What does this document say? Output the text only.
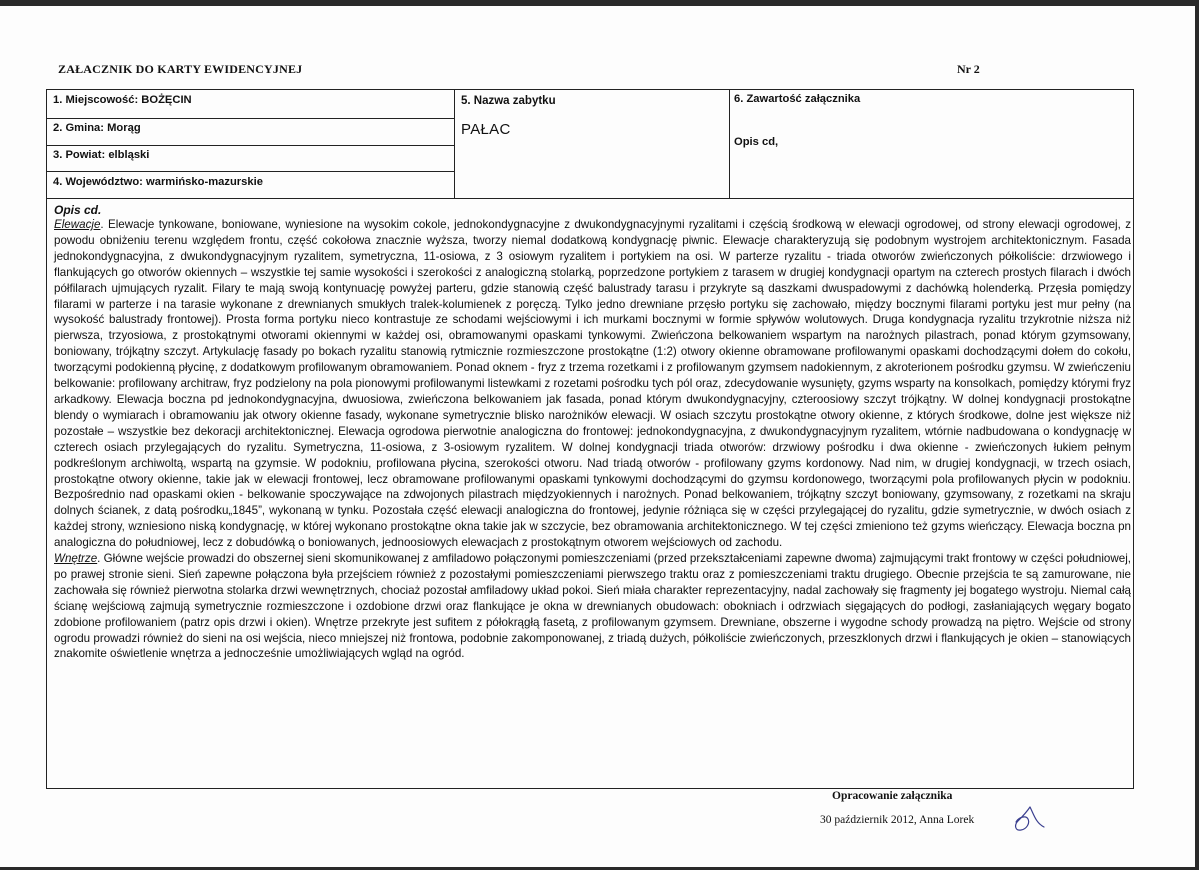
ZAŁACZNIK DO KARTY EWIDENCYJNEJ	Nr 2
1. Miejscowość: BOŻĘCIN
2. Gmina: Morąg
3. Powiat: elbląski
4. Województwo: warmińsko-mazurskie
5. Nazwa zabytku
PAŁAC
6. Zawartość załącznika
Opis cd,
Opis cd.

Elewacje. Elewacje tynkowane, boniowane, wyniesione na wysokim cokole, jednokondygnacyjne z dwukondygnacyjnymi ryzalitami i częścią środkową w elewacji ogrodowej, od strony elewacji ogrodowej, z powodu obniżeniu terenu względem frontu, część cokołowa znacznie wyższa, tworzy niemal dodatkową kondygnację piwnic. Elewacje charakteryzują się podobnym wystrojem architektonicznym. Fasada jednokondygnacyjna, z dwukondygnacyjnym ryzalitem, symetryczna, 11-osiowa, z 3 osiowym ryzalitem i portykiem na osi. W parterze ryzalitu - triada otworów zwieńczonych półkoliście: drzwiowego i flankujących go otworów okiennych – wszystkie tej samie wysokości i szerokości z analogiczną stolarką, poprzedzone portykiem z tarasem w drugiej kondygnacji opartym na czterech prostych filarach i dwóch półfilarach ujmujących ryzalit. Filary te mają swoją kontynuację powyżej parteru, gdzie stanowią część balustrady tarasu i przykryte są daszkami dwuspadowymi z dachówką holenderką. Przęsła pomiędzy filarami w parterze i na tarasie wykonane z drewnianych smukłych tralek-kolumienek z poręczą. Tylko jedno drewniane przęsło portyku się zachowało, między bocznymi filarami portyku jest mur pełny (na wysokość balustrady frontowej). Prosta forma portyku nieco kontrastuje ze schodami wejściowymi i ich murkami bocznymi w formie spływów wolutowych. Druga kondygnacja ryzalitu trzykrotnie niższa niż pierwsza, trzyosiowa, z prostokątnymi otworami okiennymi w każdej osi, obramowanymi opaskami tynkowymi. Zwieńczona belkowaniem wspartym na narożnych pilastrach, ponad którym gzymsowany, boniowany, trójkątny szczyt. Artykulację fasady po bokach ryzalitu stanowią rytmicznie rozmieszczone prostokątne (1:2) otwory okienne obramowane profilowanymi opaskami dochodzącymi dołem do cokołu, tworzącymi podokienną płycinę, z dodatkowym profilowanym obramowaniem. Ponad oknem - fryz z trzema rozetkami i z profilowanym gzymsem nadokiennym, z akroterionem pośrodku gzymsu. W zwieńczeniu belkowanie: profilowany architraw, fryz podzielony na pola pionowymi profilowanymi listewkami z rozetami pośrodku tych pól oraz, zdecydowanie wysunięty, gzyms wsparty na konsolkach, pomiędzy którymi fryz arkadkowy. Elewacja boczna pd jednokondygnacyjna, dwuosiowa, zwieńczona belkowaniem jak fasada, ponad którym dwukondygnacyjny, czteroosiowy szczyt trójkątny. W dolnej kondygnacji prostokątne blendy o wymiarach i obramowaniu jak otwory okienne fasady, wykonane symetrycznie blisko narożników elewacji. W osiach szczytu prostokątne otwory okienne, z których środkowe, dolne jest większe niż pozostałe – wszystkie bez dekoracji architektonicznej. Elewacja ogrodowa pierwotnie analogiczna do frontowej: jednokondygnacyjna, z dwukondygnacyjnym ryzalitem, wtórnie nadbudowana o kondygnację w czterech osiach przylegających do ryzalitu. Symetryczna, 11-osiowa, z 3-osiowym ryzalitem. W dolnej kondygnacji triada otworów: drzwiowy pośrodku i dwa okienne - zwieńczonych łukiem pełnym podkreślonym archiwoltą, wspartą na gzymsie. W podokniu, profilowana płycina, szerokości otworu. Nad triadą otworów - profilowany gzyms kordonowy. Nad nim, w drugiej kondygnacji, w trzech osiach, prostokątne otwory okienne, takie jak w elewacji frontowej, lecz obramowane profilowanymi opaskami tynkowymi dochodzącymi do gzymsu kordonowego, tworzącymi pola profilowanych płycin w podokniu. Bezpośrednio nad opaskami okien - belkowanie spoczywające na zdwojonych pilastrach międzyokiennych i narożnych. Ponad belkowaniem, trójkątny szczyt boniowany, gzymsowany, z rozetkami na skraju dolnych ścianek, z datą pośrodku„1845”, wykonaną w tynku. Pozostała część elewacji analogiczna do frontowej, jedynie różniąca się w części przylegającej do ryzalitu, gdzie symetrycznie, w dwóch osiach z każdej strony, wzniesiono niską kondygnację, w której wykonano prostokątne okna takie jak w szczycie, bez obramowania architektonicznego. W tej części zmieniono też gzyms wieńczący. Elewacja boczna pn analogiczna do południowej, lecz z dobudówką o boniowanych, jednoosiowych elewacjach z prostokątnym otworem wejściowych od zachodu.

Wnętrze. Główne wejście prowadzi do obszernej sieni skomunikowanej z amfiladowo połączonymi pomieszczeniami (przed przekształceniami zapewne dwoma) zajmującymi trakt frontowy w części południowej, po prawej stronie sieni. Sień zapewne połączona była przejściem również z pozostałymi pomieszczeniami pierwszego traktu oraz z pomieszczeniami traktu drugiego. Obecnie przejścia te są zamurowane, nie zachowała się również pierwotna stolarka drzwi wewnętrznych, chociaż pozostał amfiladowy układ pokoi. Sień miała charakter reprezentacyjny, nadal zachowały się fragmenty jej bogatego wystroju. Niemal całą ścianę wejściową zajmują symetrycznie rozmieszczone i ozdobione drzwi oraz flankujące je okna w drewnianych obudowach: obokniach i odrzwiach sięgających do podłogi, zasłaniających węgary bogato zdobione profilowaniem (patrz opis drzwi i okien). Wnętrze przekryte jest sufitem z półokrągłą fasetą, z profilowanym gzymsem. Drewniane, obszerne i wygodne schody prowadzą na piętro. Wejście od strony ogrodu prowadzi również do sieni na osi wejścia, nieco mniejszej niż frontowa, podobnie zakomponowanej, z triadą dużych, półkoliście zwieńczonych, przeszklonych drzwi i flankujących je okien – stanowiących znakomite oświetlenie wnętrza a jednocześnie umożliwiających wgląd na ogród.

Opracowanie załącznika
30 październik 2012, Anna Lorek
